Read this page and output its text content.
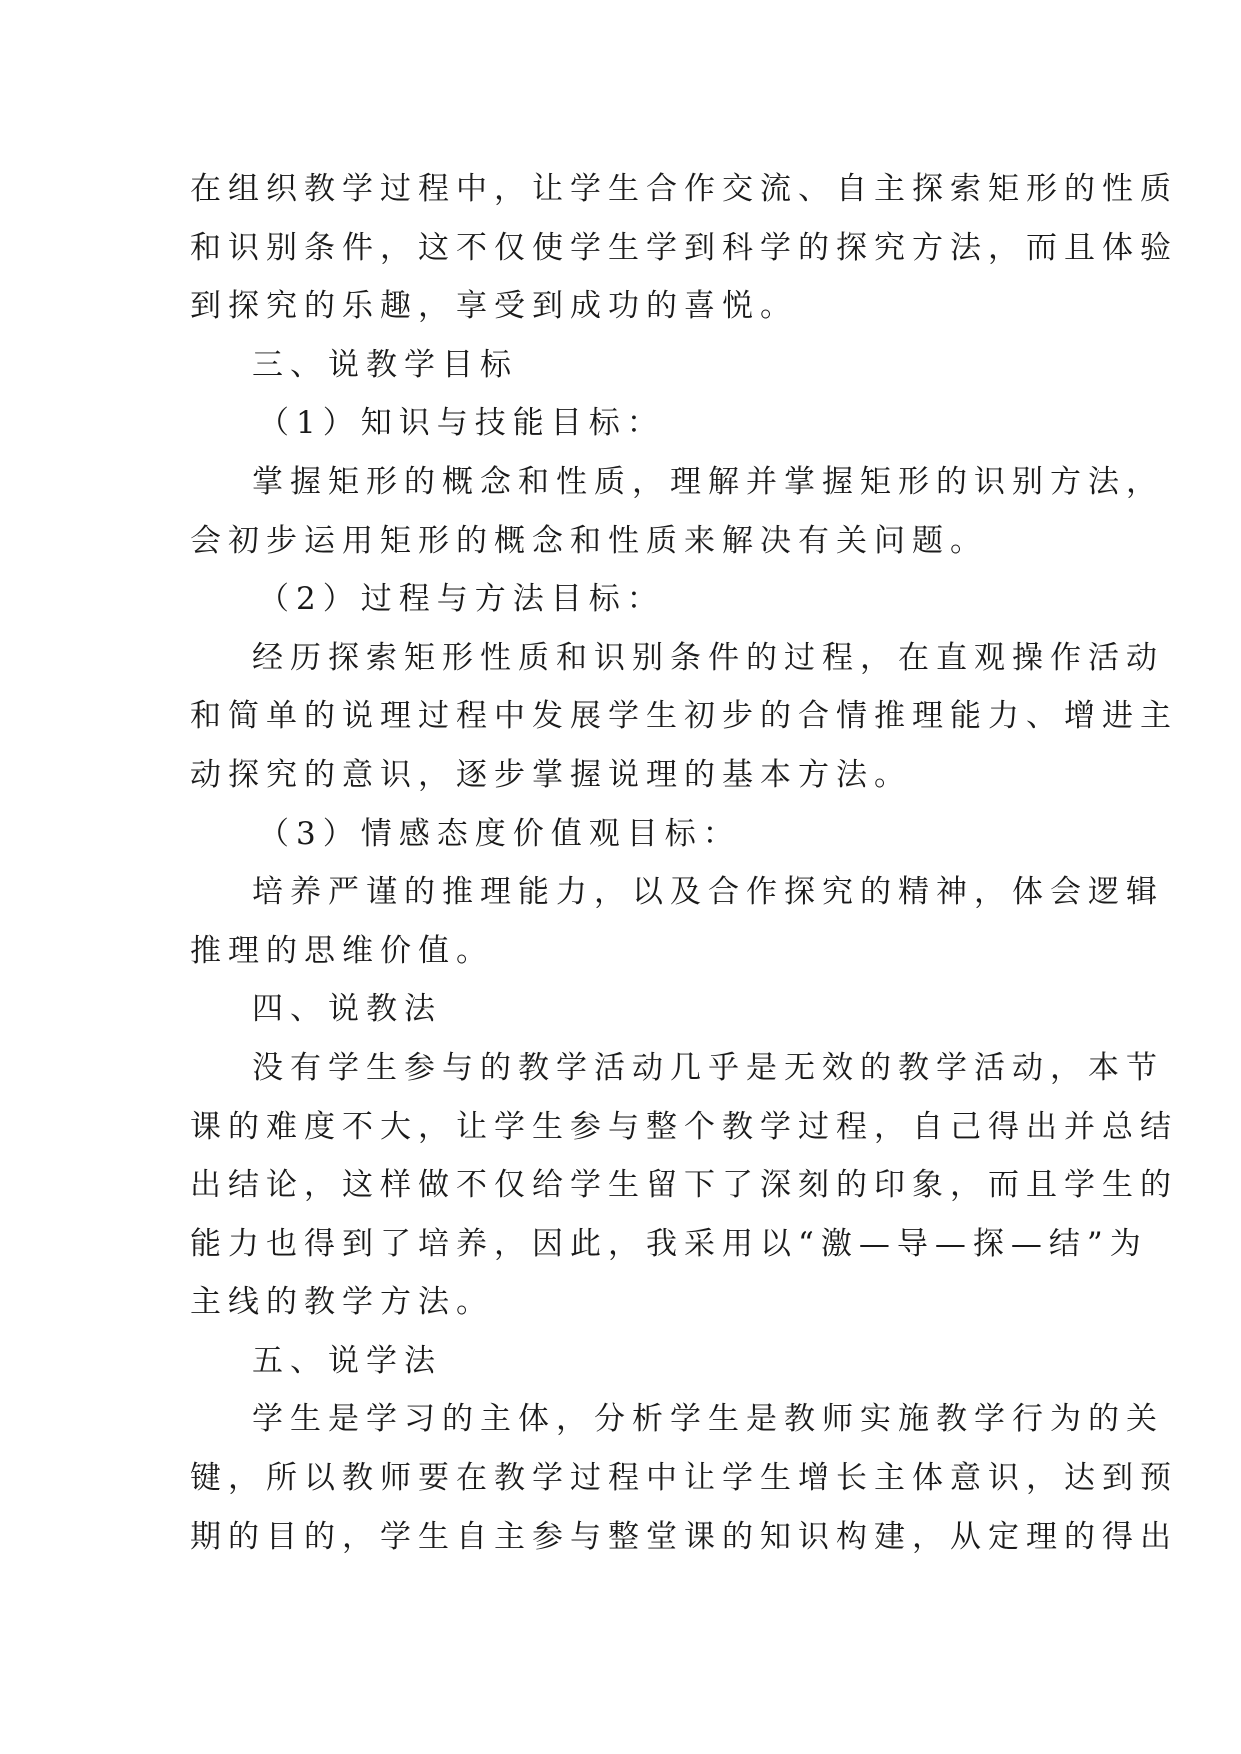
在组织教学过程中，让学生合作交流、自主探索矩形的性质
和识别条件，这不仅使学生学到科学的探究方法，而且体验
到探究的乐趣，享受到成功的喜悦。
三、说教学目标
（1）知识与技能目标：
掌握矩形的概念和性质，理解并掌握矩形的识别方法，
会初步运用矩形的概念和性质来解决有关问题。
（2）过程与方法目标：
经历探索矩形性质和识别条件的过程，在直观操作活动
和简单的说理过程中发展学生初步的合情推理能力、增进主
动探究的意识，逐步掌握说理的基本方法。
（3）情感态度价值观目标：
培养严谨的推理能力，以及合作探究的精神，体会逻辑
推理的思维价值。
四、说教法
没有学生参与的教学活动几乎是无效的教学活动，本节
课的难度不大，让学生参与整个教学过程，自己得出并总结
出结论，这样做不仅给学生留下了深刻的印象，而且学生的
能力也得到了培养，因此，我采用以“激—导—探—结”为
主线的教学方法。
五、说学法
学生是学习的主体，分析学生是教师实施教学行为的关
键，所以教师要在教学过程中让学生增长主体意识，达到预
期的目的，学生自主参与整堂课的知识构建，从定理的得出
